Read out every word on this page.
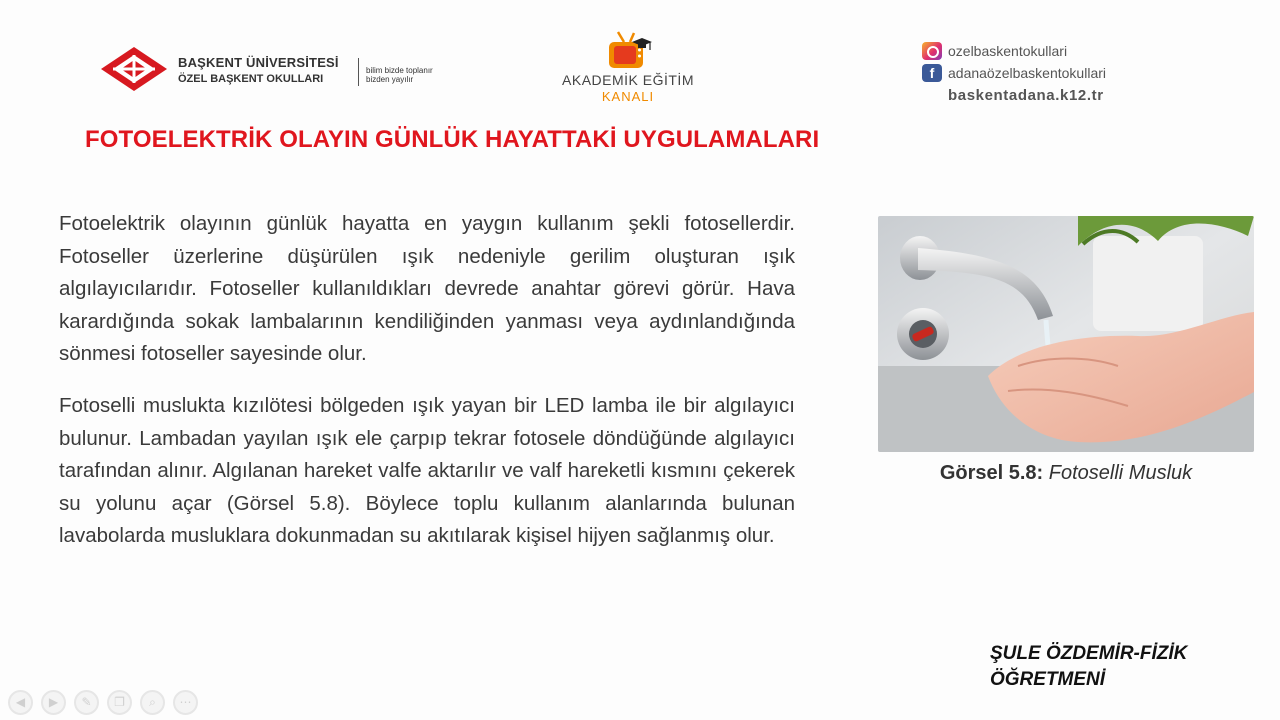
BAŞKENT ÜNİVERSİTESİ
ÖZEL BAŞKENT OKULLARI
bilim bizde toplanır
bizden yayılır	AKADEMİK EĞİTİM
KANALI
ozelbaskentokullari
f adanaözelbaskentokullari
baskentadana.k12.tr
FOTOELEKTRİK OLAYIN GÜNLÜK HAYATTAKİ UYGULAMALARI

Fotoelektrik olayının günlük hayatta en yaygın kullanım şekli fotosellerdir. Fotoseller üzerlerine düşürülen ışık nedeniyle gerilim oluşturan ışık algılayıcılarıdır. Fotoseller kullanıldıkları devrede anahtar görevi görür. Hava karardığında sokak lambalarının kendiliğinden yanması veya aydınlandığında sönmesi fotoseller sayesinde olur.

Fotoselli muslukta kızılötesi bölgeden ışık yayan bir LED lamba ile bir algılayıcı bulunur. Lambadan yayılan ışık ele çarpıp tekrar fotosele döndüğünde algılayıcı tarafından alınır. Algılanan hareket valfe aktarılır ve valf hareketli kısmını çekerek su yolunu açar (Görsel 5.8). Böylece toplu kullanım alanlarında bulunan lavabolarda musluklara dokunmadan su akıtılarak kişisel hijyen sağlanmış olur.

Görsel 5.8: Fotoselli Musluk
ŞULE ÖZDEMİR-FİZİK
ÖĞRETMENİ
◀	▶	✎	❐	⌕	⋯
